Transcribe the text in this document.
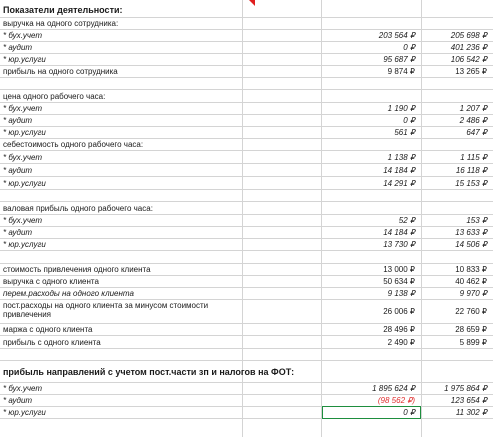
Показатели деятельности:
выручка на одного сотрудника:
* бух.учет	203 564 ₽	205 698 ₽
* аудит	0 ₽	401 236 ₽
* юр.услуги	95 687 ₽	106 542 ₽
прибыль на одного сотрудника	9 874 ₽	13 265 ₽
цена одного рабочего часа:
* бух.учет	1 190 ₽	1 207 ₽
* аудит	0 ₽	2 486 ₽
* юр.услуги	561 ₽	647 ₽
себестоимость одного рабочего часа:
* бух.учет	1 138 ₽	1 115 ₽
* аудит	14 184 ₽	16 118 ₽
* юр.услуги	14 291 ₽	15 153 ₽
валовая прибыль одного рабочего часа:
* бух.учет	52 ₽	153 ₽
* аудит	14 184 ₽	13 633 ₽
* юр.услуги	13 730 ₽	14 506 ₽
стоимость привлечения одного клиента	13 000 ₽	10 833 ₽
выручка с одного клиента	50 634 ₽	40 462 ₽
перем.расходы на одного клиента	9 138 ₽	9 970 ₽
пост.расходы на одного клиента за минусом стоимости привлечения	26 006 ₽	22 760 ₽
маржа с одного клиента	28 496 ₽	28 659 ₽
прибыль с одного клиента	2 490 ₽	5 899 ₽
прибыль направлений с учетом пост.части зп и налогов на ФОТ:
* бух.учет	1 895 624 ₽	1 975 864 ₽
* аудит	(98 562 ₽)	123 654 ₽
* юр.услуги	0 ₽	11 302 ₽
